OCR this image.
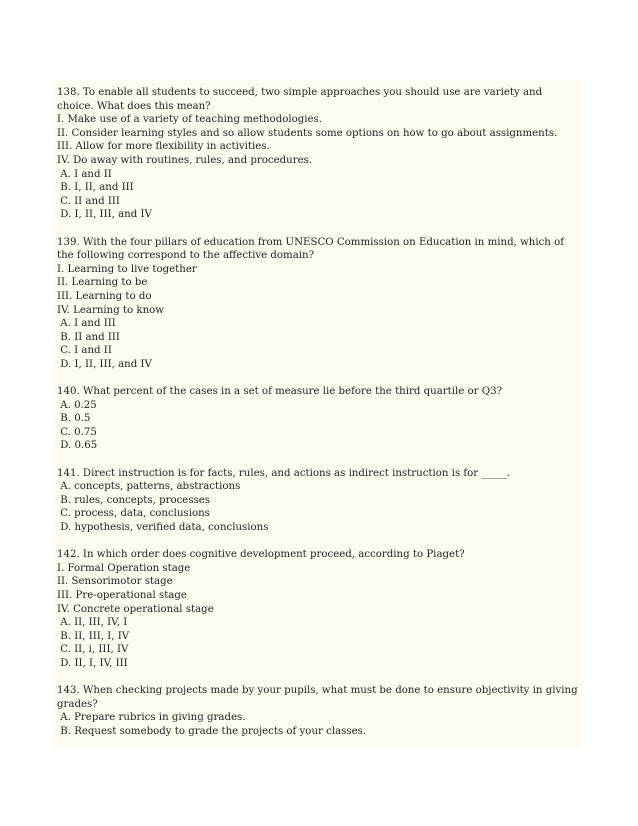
138. To enable all students to succeed, two simple approaches you should use are variety and choice. What does this mean?
I. Make use of a variety of teaching methodologies.
II. Consider learning styles and so allow students some options on how to go about assignments.
III. Allow for more flexibility in activities.
IV. Do away with routines, rules, and procedures.
A. I and II
B. I, II, and III
C. II and III
D. I, II, III, and IV
139. With the four pillars of education from UNESCO Commission on Education in mind, which of the following correspond to the affective domain?
I. Learning to live together
II. Learning to be
III. Learning to do
IV. Learning to know
A. I and III
B. II and III
C. I and II
D. I, II, III, and IV
140. What percent of the cases in a set of measure lie before the third quartile or Q3?
A. 0.25
B. 0.5
C. 0.75
D. 0.65
141. Direct instruction is for facts, rules, and actions as indirect instruction is for _____.
A. concepts, patterns, abstractions
B. rules, concepts, processes
C. process, data, conclusions
D. hypothesis, verified data, conclusions
142. In which order does cognitive development proceed, according to Piaget?
I. Formal Operation stage
II. Sensorimotor stage
III. Pre-operational stage
IV. Concrete operational stage
A. II, III, IV, I
B. II, III, I, IV
C. II, i, III, IV
D. II, I, IV, III
143. When checking projects made by your pupils, what must be done to ensure objectivity in giving grades?
A. Prepare rubrics in giving grades.
B. Request somebody to grade the projects of your classes.
